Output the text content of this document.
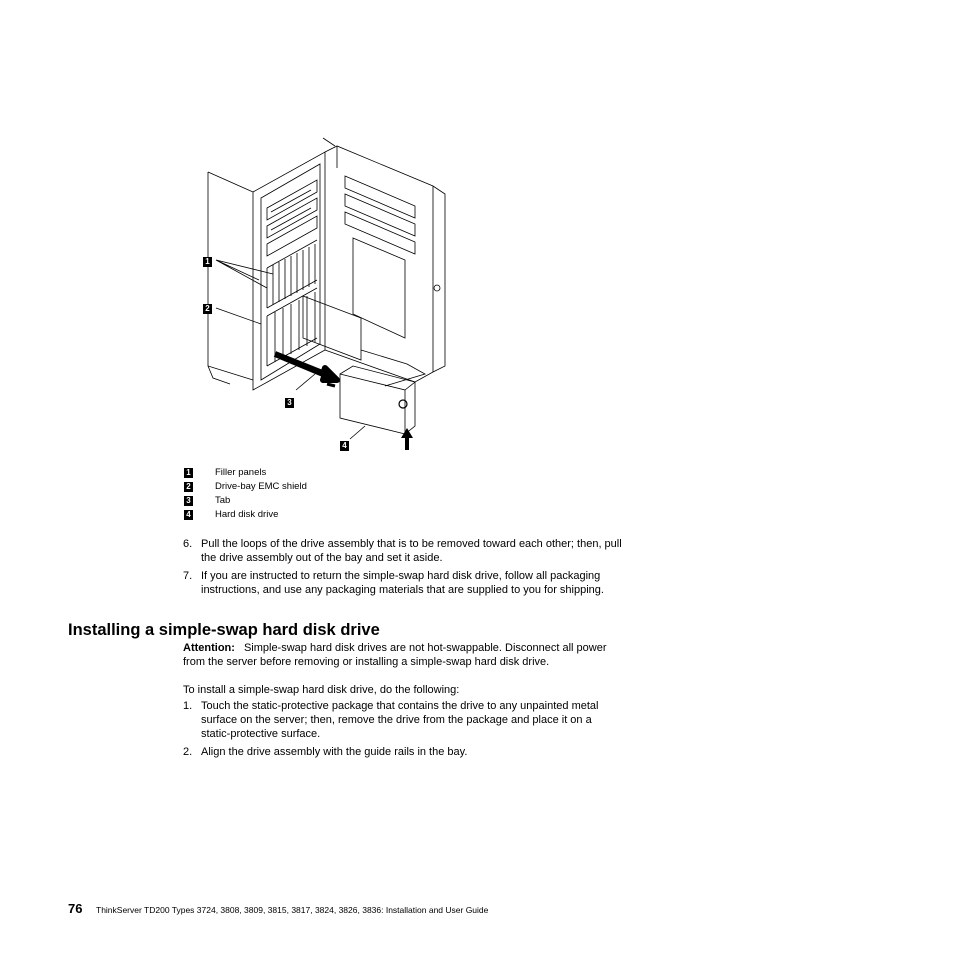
1
2
3
4
1	Filler panels
2	Drive-bay EMC shield
3	Tab
4	Hard disk drive

6. Pull the loops of the drive assembly that is to be removed toward each other; then, pull the drive assembly out of the bay and set it aside.

7. If you are instructed to return the simple-swap hard disk drive, follow all packaging instructions, and use any packaging materials that are supplied to you for shipping.

Installing a simple-swap hard disk drive

Attention: Simple-swap hard disk drives are not hot-swappable. Disconnect all power from the server before removing or installing a simple-swap hard disk drive.

To install a simple-swap hard disk drive, do the following:

1. Touch the static-protective package that contains the drive to any unpainted metal surface on the server; then, remove the drive from the package and place it on a static-protective surface.

2. Align the drive assembly with the guide rails in the bay.

76 ThinkServer TD200 Types 3724, 3808, 3809, 3815, 3817, 3824, 3826, 3836: Installation and User Guide
